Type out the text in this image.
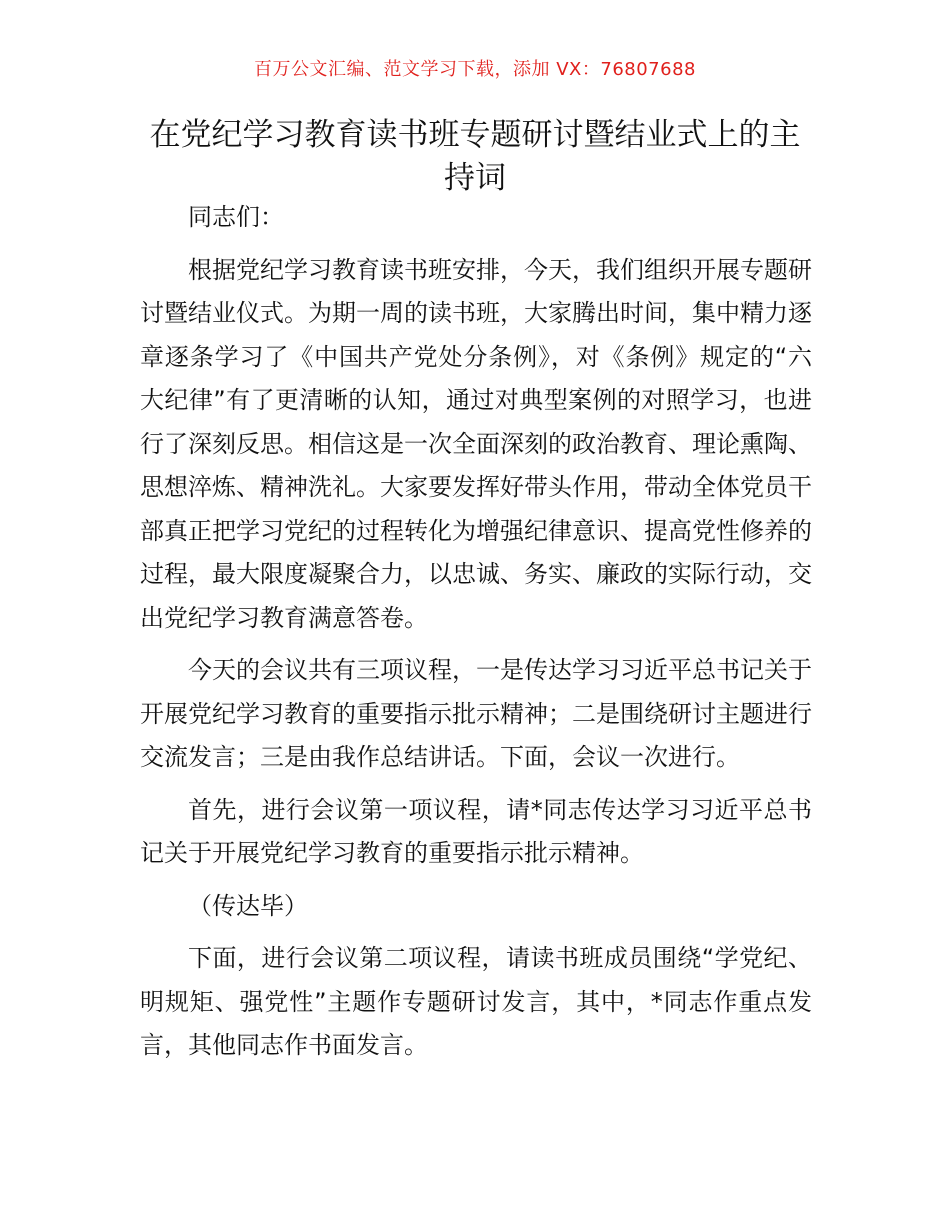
百万公文汇编、范文学习下载，添加 VX：76807688
在党纪学习教育读书班专题研讨暨结业式上的主持词

同志们：

根据党纪学习教育读书班安排，今天，我们组织开展专题研讨暨结业仪式。为期一周的读书班，大家腾出时间，集中精力逐章逐条学习了《中国共产党处分条例》，对《条例》规定的“六大纪律”有了更清晰的认知，通过对典型案例的对照学习，也进行了深刻反思。相信这是一次全面深刻的政治教育、理论熏陶、思想淬炼、精神洗礼。大家要发挥好带头作用，带动全体党员干部真正把学习党纪的过程转化为增强纪律意识、提高党性修养的过程，最大限度凝聚合力，以忠诚、务实、廉政的实际行动，交出党纪学习教育满意答卷。

今天的会议共有三项议程，一是传达学习习近平总书记关于开展党纪学习教育的重要指示批示精神；二是围绕研讨主题进行交流发言；三是由我作总结讲话。下面，会议一次进行。

首先，进行会议第一项议程，请*同志传达学习习近平总书记关于开展党纪学习教育的重要指示批示精神。

（传达毕）

下面，进行会议第二项议程，请读书班成员围绕“学党纪、明规矩、强党性”主题作专题研讨发言，其中，*同志作重点发言，其他同志作书面发言。
